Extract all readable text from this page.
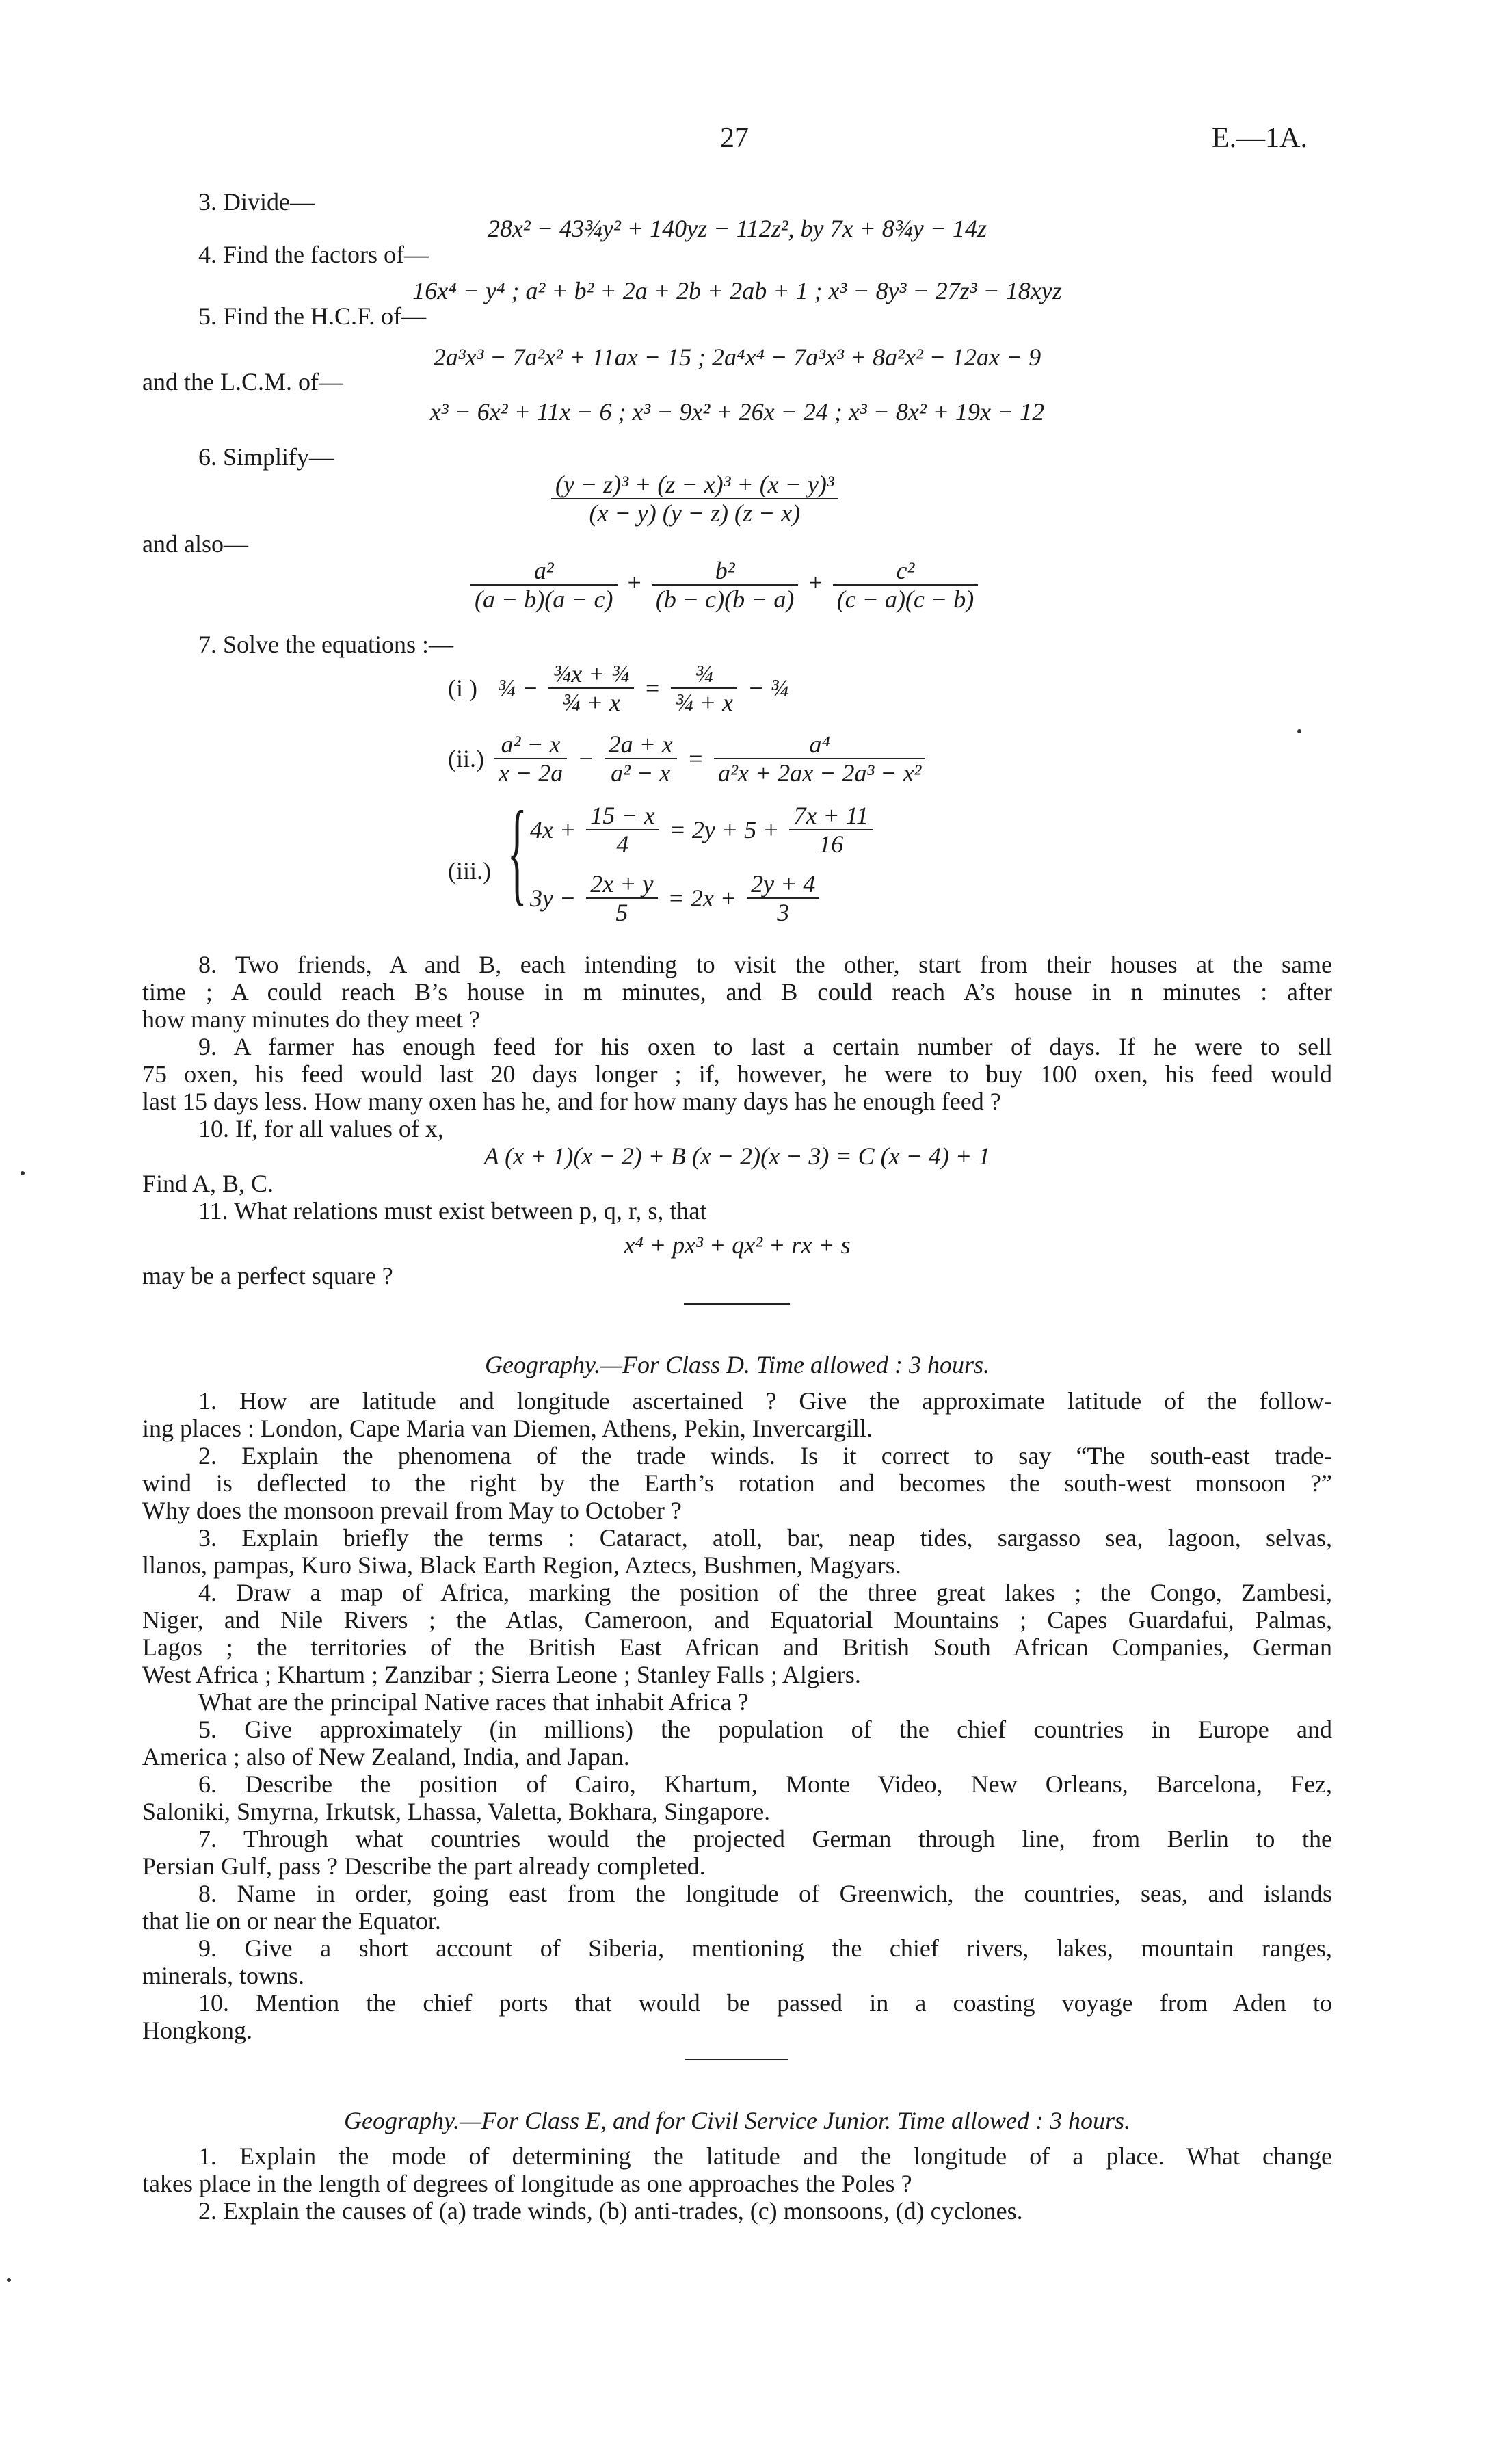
27	E.—1A.
3. Divide—
28x² − 43¾y² + 140yz − 112z², by 7x + 8¾y − 14z
4. Find the factors of—
16x⁴ − y⁴ ; a² + b² + 2a + 2b + 2ab + 1 ; x³ − 8y³ − 27z³ − 18xyz
5. Find the H.C.F. of—
2a³x³ − 7a²x² + 11ax − 15 ; 2a⁴x⁴ − 7a³x³ + 8a²x² − 12ax − 9
and the L.C.M. of—
x³ − 6x² + 11x − 6 ; x³ − 9x² + 26x − 24 ; x³ − 8x² + 19x − 12
6. Simplify—
$\frac{\text{(y − z)³ + (z − x)³ + (x − y)³}}{(x - y) (y - z) (z - x)}$
and also—
$\frac{\text{a²}}{(a - b)(a - c)} + \frac{\text{b²}}{(b - c)(b - a)} + \frac{\text{c²}}{(c - a)(c - b)}$
7. Solve the equations :—
(i ) ¾ − $\frac{\text{¾x + ¾}}{\text{¾ + x}} = \frac{\text{¾}}{\text{¾ + x}}$ − ¾
$(ii.) \frac{\text{a² − x}}{x - 2a} - \frac{2a + x}{\text{a² − x}} = \frac{\text{a⁴}}{\text{a²x + 2ax − 2a³ − x²}}$
(iii.) { $4x + \frac{15 - x}{4} = 2y + 5 + \frac{7x + 11}{16}$
$3y - \frac{2x + y}{5} = 2x + \frac{2y + 4}{3}$
8. Two friends, A and B, each intending to visit the other, start from their houses at the same
time ; A could reach B’s house in m minutes, and B could reach A’s house in n minutes : after
how many minutes do they meet ?
9. A farmer has enough feed for his oxen to last a certain number of days. If he were to sell
75 oxen, his feed would last 20 days longer ; if, however, he were to buy 100 oxen, his feed would
last 15 days less. How many oxen has he, and for how many days has he enough feed ?
10. If, for all values of x,
A (x + 1)(x − 2) + B (x − 2)(x − 3) = C (x − 4) + 1
Find A, B, C.
11. What relations must exist between p, q, r, s, that
x⁴ + px³ + qx² + rx + s
may be a perfect square ?
Geography.—For Class D. Time allowed : 3 hours.
1. How are latitude and longitude ascertained ? Give the approximate latitude of the follow-
ing places : London, Cape Maria van Diemen, Athens, Pekin, Invercargill.
2. Explain the phenomena of the trade winds. Is it correct to say “The south-east trade-
wind is deflected to the right by the Earth’s rotation and becomes the south-west monsoon ?”
Why does the monsoon prevail from May to October ?
3. Explain briefly the terms : Cataract, atoll, bar, neap tides, sargasso sea, lagoon, selvas,
llanos, pampas, Kuro Siwa, Black Earth Region, Aztecs, Bushmen, Magyars.
4. Draw a map of Africa, marking the position of the three great lakes ; the Congo, Zambesi,
Niger, and Nile Rivers ; the Atlas, Cameroon, and Equatorial Mountains ; Capes Guardafui, Palmas,
Lagos ; the territories of the British East African and British South African Companies, German
West Africa ; Khartum ; Zanzibar ; Sierra Leone ; Stanley Falls ; Algiers.
What are the principal Native races that inhabit Africa ?
5. Give approximately (in millions) the population of the chief countries in Europe and
America ; also of New Zealand, India, and Japan.
6. Describe the position of Cairo, Khartum, Monte Video, New Orleans, Barcelona, Fez,
Saloniki, Smyrna, Irkutsk, Lhassa, Valetta, Bokhara, Singapore.
7. Through what countries would the projected German through line, from Berlin to the
Persian Gulf, pass ? Describe the part already completed.
8. Name in order, going east from the longitude of Greenwich, the countries, seas, and islands
that lie on or near the Equator.
9. Give a short account of Siberia, mentioning the chief rivers, lakes, mountain ranges,
minerals, towns.
10. Mention the chief ports that would be passed in a coasting voyage from Aden to
Hongkong.
Geography.—For Class E, and for Civil Service Junior. Time allowed : 3 hours.
1. Explain the mode of determining the latitude and the longitude of a place. What change
takes place in the length of degrees of longitude as one approaches the Poles ?
2. Explain the causes of (a) trade winds, (b) anti-trades, (c) monsoons, (d) cyclones.
